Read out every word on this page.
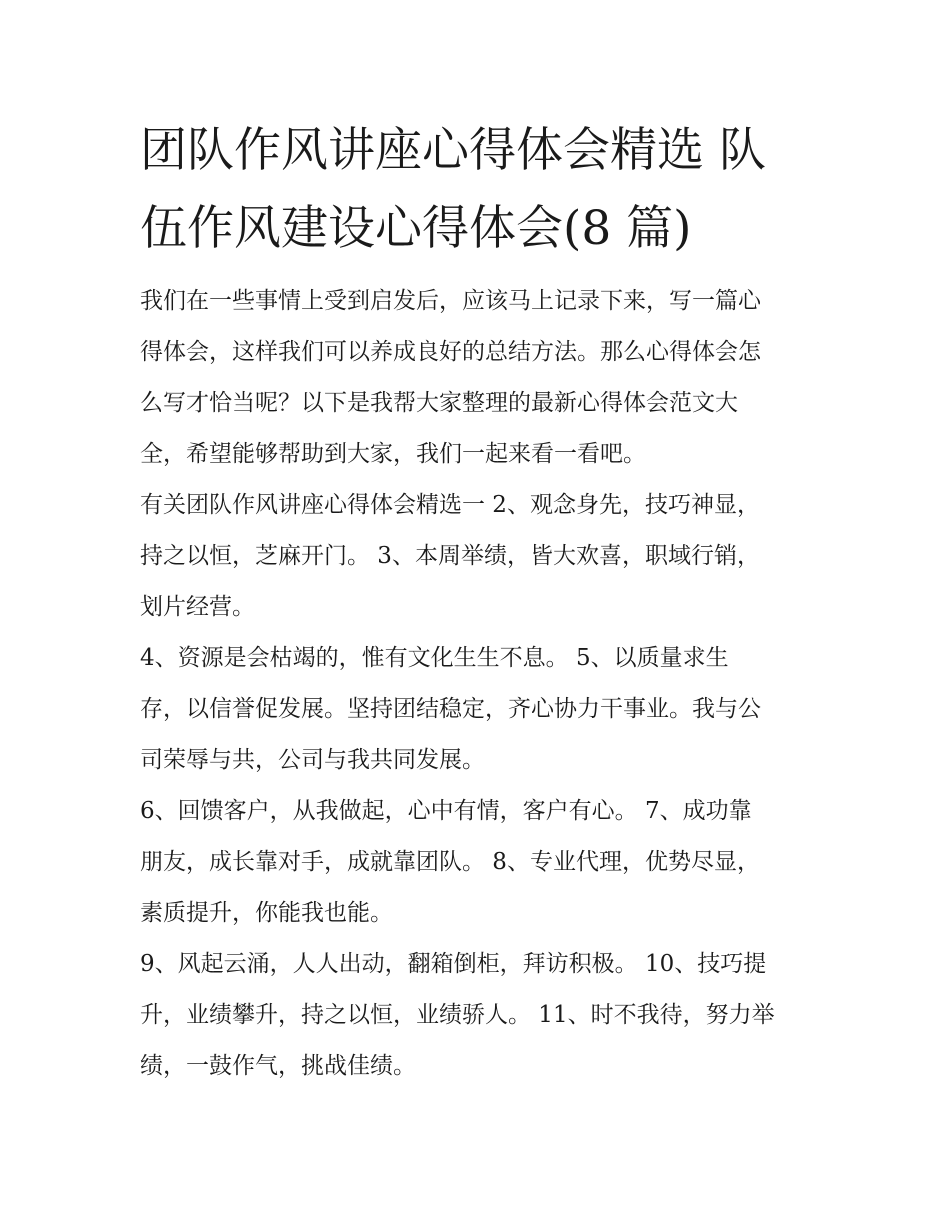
团队作风讲座心得体会精选 队
伍作风建设心得体会(8 篇)

我们在一些事情上受到启发后，应该马上记录下来，写一篇心
得体会，这样我们可以养成良好的总结方法。那么心得体会怎
么写才恰当呢？以下是我帮大家整理的最新心得体会范文大
全，希望能够帮助到大家，我们一起来看一看吧。

有关团队作风讲座心得体会精选一 2、观念身先，技巧神显，
持之以恒，芝麻开门。 3、本周举绩，皆大欢喜，职域行销，
划片经营。

4、资源是会枯竭的，惟有文化生生不息。 5、以质量求生
存，以信誉促发展。坚持团结稳定，齐心协力干事业。我与公
司荣辱与共，公司与我共同发展。

6、回馈客户，从我做起，心中有情，客户有心。 7、成功靠
朋友，成长靠对手，成就靠团队。 8、专业代理，优势尽显，
素质提升，你能我也能。

9、风起云涌，人人出动，翻箱倒柜，拜访积极。 10、技巧提
升，业绩攀升，持之以恒，业绩骄人。 11、时不我待，努力举
绩，一鼓作气，挑战佳绩。
